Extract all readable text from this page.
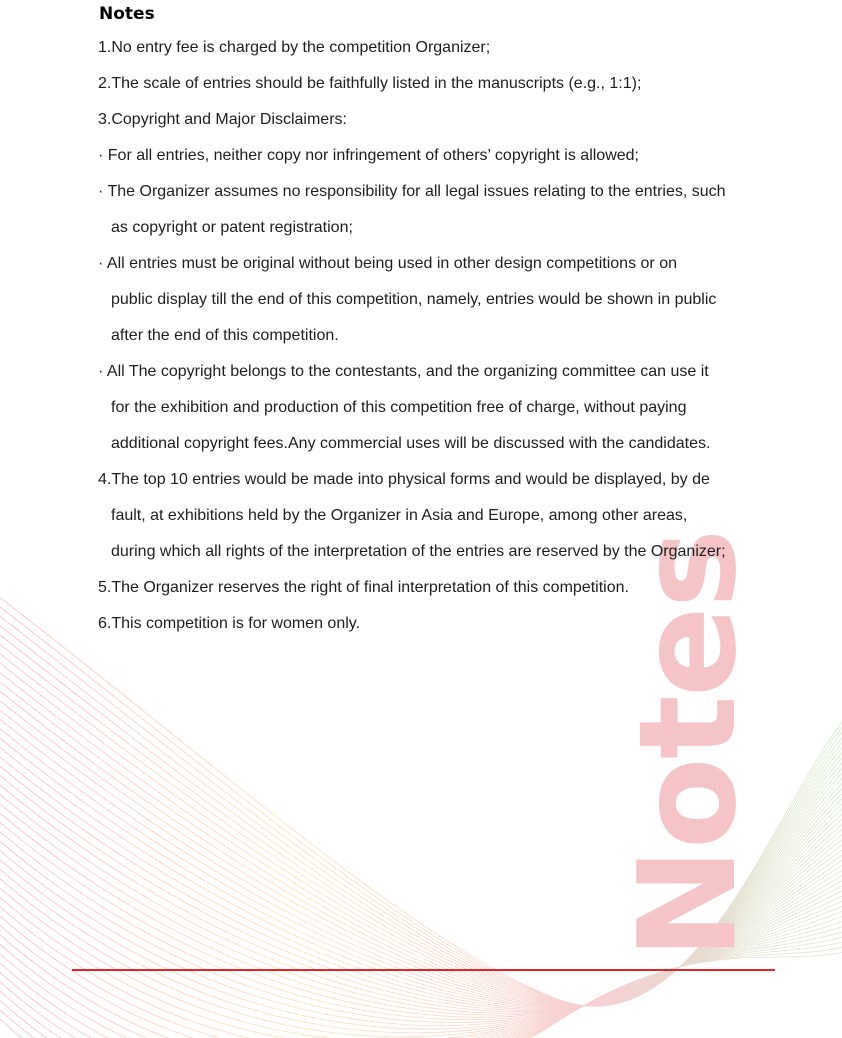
Notes
Notes
1.No entry fee is charged by the competition Organizer;
2.The scale of entries should be faithfully listed in the manuscripts (e.g., 1:1);
3.Copyright and Major Disclaimers:
· For all entries, neither copy nor infringement of others’ copyright is allowed;
· The Organizer assumes no responsibility for all legal issues relating to the entries, such
as copyright or patent registration;
· All entries must be original without being used in other design competitions or on
public display till the end of this competition, namely, entries would be shown in public
after the end of this competition.
· All The copyright belongs to the contestants, and the organizing committee can use it
for the exhibition and production of this competition free of charge, without paying
additional copyright fees.Any commercial uses will be discussed with the candidates.
4.The top 10 entries would be made into physical forms and would be displayed, by de
fault, at exhibitions held by the Organizer in Asia and Europe, among other areas,
during which all rights of the interpretation of the entries are reserved by the Organizer;
5.The Organizer reserves the right of final interpretation of this competition.
6.This competition is for women only.
